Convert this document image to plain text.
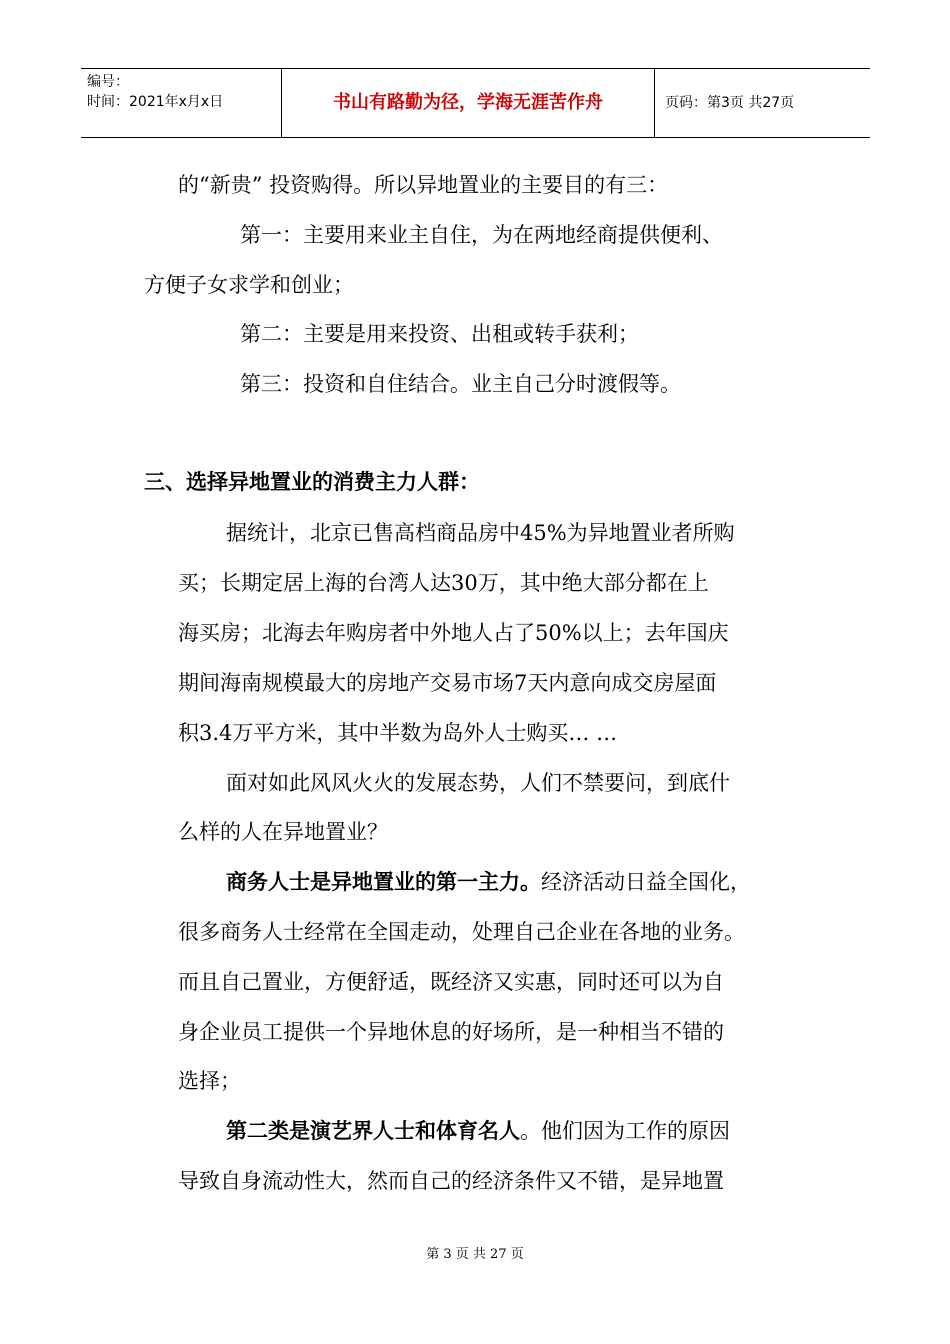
编号：
时间：2021年x月x日	书山有路勤为径，学海无涯苦作舟	页码：第3页 共27页
的“新贵” 投资购得。所以异地置业的主要目的有三：
第一：主要用来业主自住，为在两地经商提供便利、
方便子女求学和创业；
第二：主要是用来投资、出租或转手获利；
第三：投资和自住结合。业主自己分时渡假等。
三、选择异地置业的消费主力人群：
据统计，北京已售高档商品房中45%为异地置业者所购
买；长期定居上海的台湾人达30万，其中绝大部分都在上
海买房；北海去年购房者中外地人占了50%以上；去年国庆
期间海南规模最大的房地产交易市场7天内意向成交房屋面
积3.4万平方米，其中半数为岛外人士购买… …
面对如此风风火火的发展态势，人们不禁要问，到底什
么样的人在异地置业？
商务人士是异地置业的第一主力。经济活动日益全国化，
很多商务人士经常在全国走动，处理自己企业在各地的业务。
而且自己置业，方便舒适，既经济又实惠，同时还可以为自
身企业员工提供一个异地休息的好场所，是一种相当不错的
选择；
第二类是演艺界人士和体育名人。他们因为工作的原因
导致自身流动性大，然而自己的经济条件又不错，是异地置
第 3 页 共 27 页
